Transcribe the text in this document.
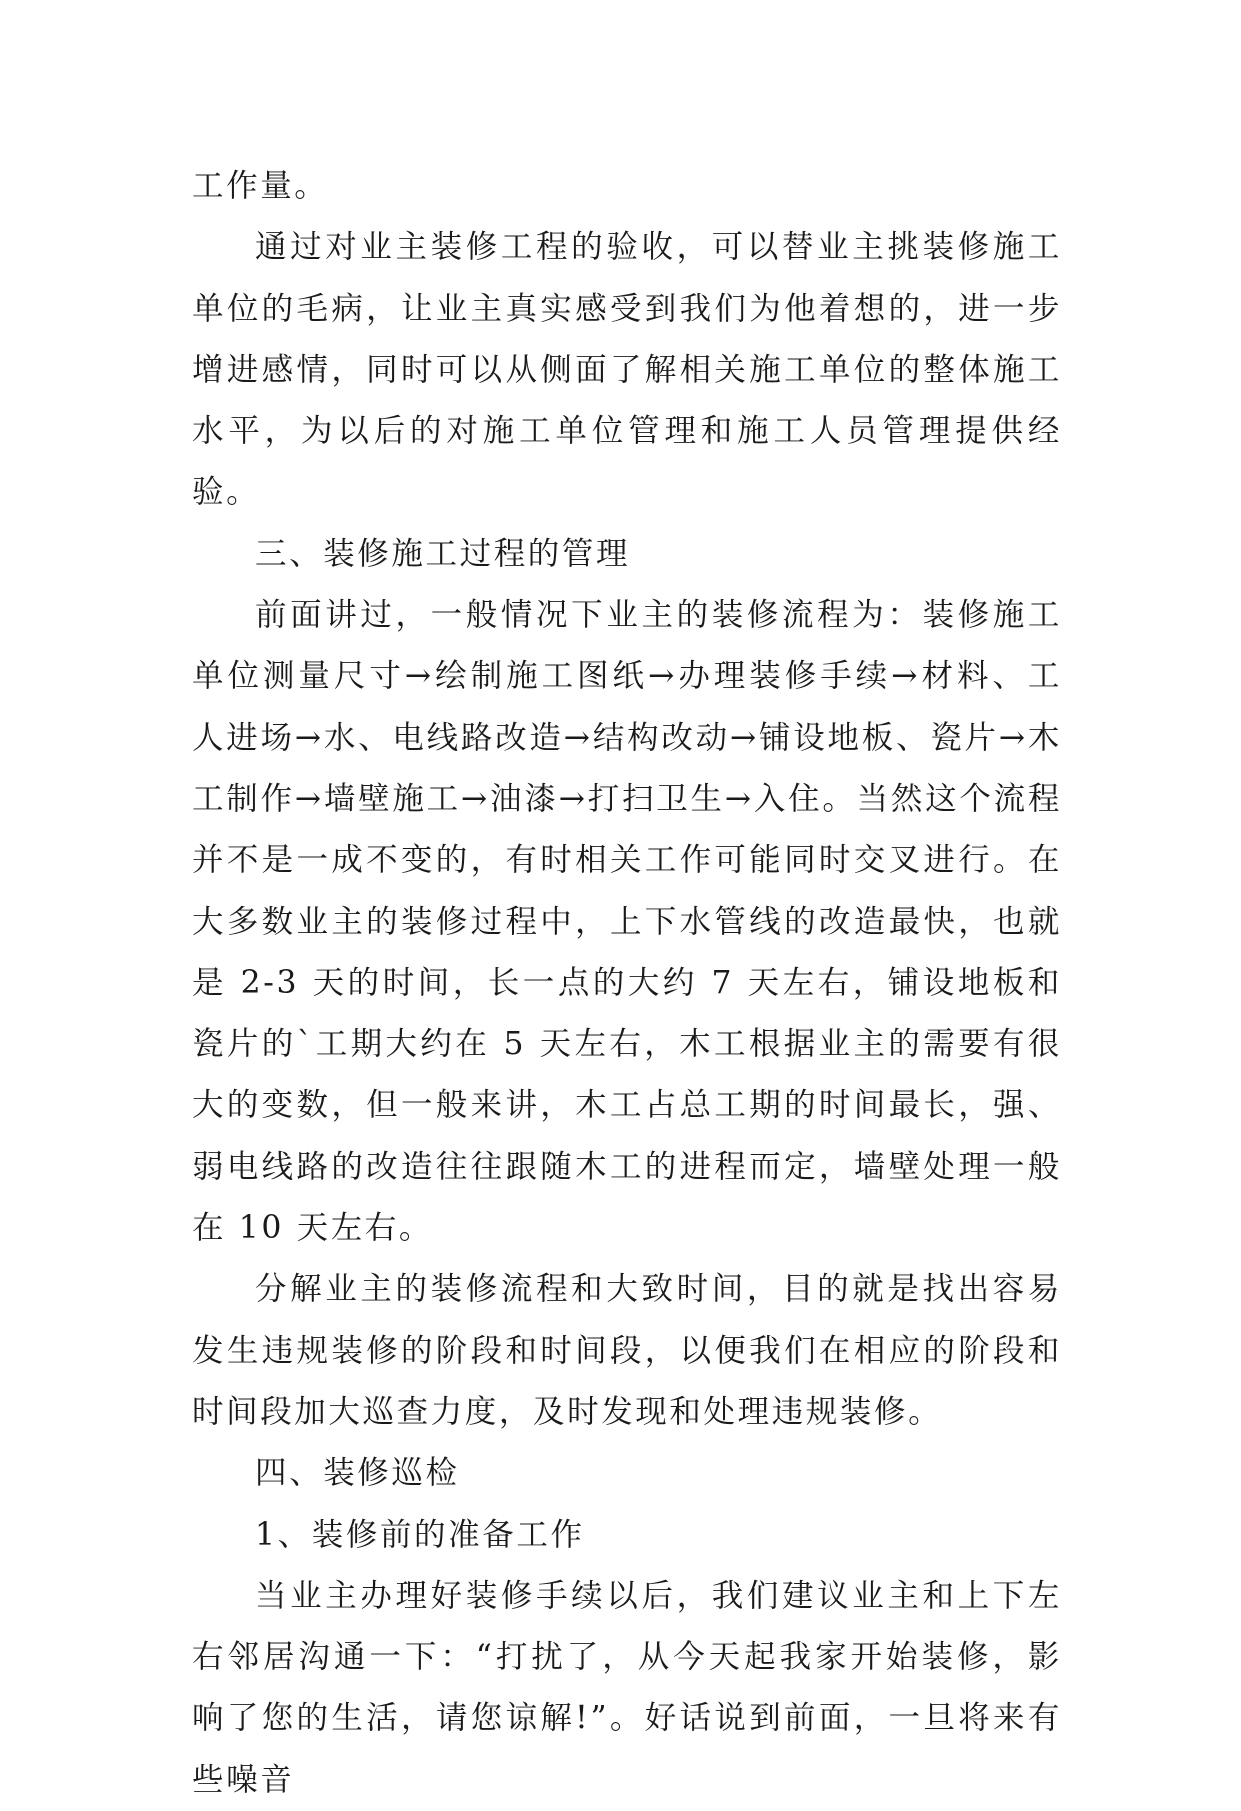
工作量。

通过对业主装修工程的验收，可以替业主挑装修施工单位的毛病，让业主真实感受到我们为他着想的，进一步增进感情，同时可以从侧面了解相关施工单位的整体施工水平，为以后的对施工单位管理和施工人员管理提供经验。

三、装修施工过程的管理

前面讲过，一般情况下业主的装修流程为：装修施工单位测量尺寸→绘制施工图纸→办理装修手续→材料、工人进场→水、电线路改造→结构改动→铺设地板、瓷片→木工制作→墙壁施工→油漆→打扫卫生→入住。当然这个流程并不是一成不变的，有时相关工作可能同时交叉进行。在大多数业主的装修过程中，上下水管线的改造最快，也就是 2-3 天的时间，长一点的大约 7 天左右，铺设地板和瓷片的`工期大约在 5 天左右，木工根据业主的需要有很大的变数，但一般来讲，木工占总工期的时间最长，强、弱电线路的改造往往跟随木工的进程而定，墙壁处理一般在 10 天左右。

分解业主的装修流程和大致时间，目的就是找出容易发生违规装修的阶段和时间段，以便我们在相应的阶段和时间段加大巡查力度，及时发现和处理违规装修。

四、装修巡检

1、装修前的准备工作

当业主办理好装修手续以后，我们建议业主和上下左右邻居沟通一下：“打扰了，从今天起我家开始装修，影响了您的生活，请您谅解!”。好话说到前面，一旦将来有些噪音
